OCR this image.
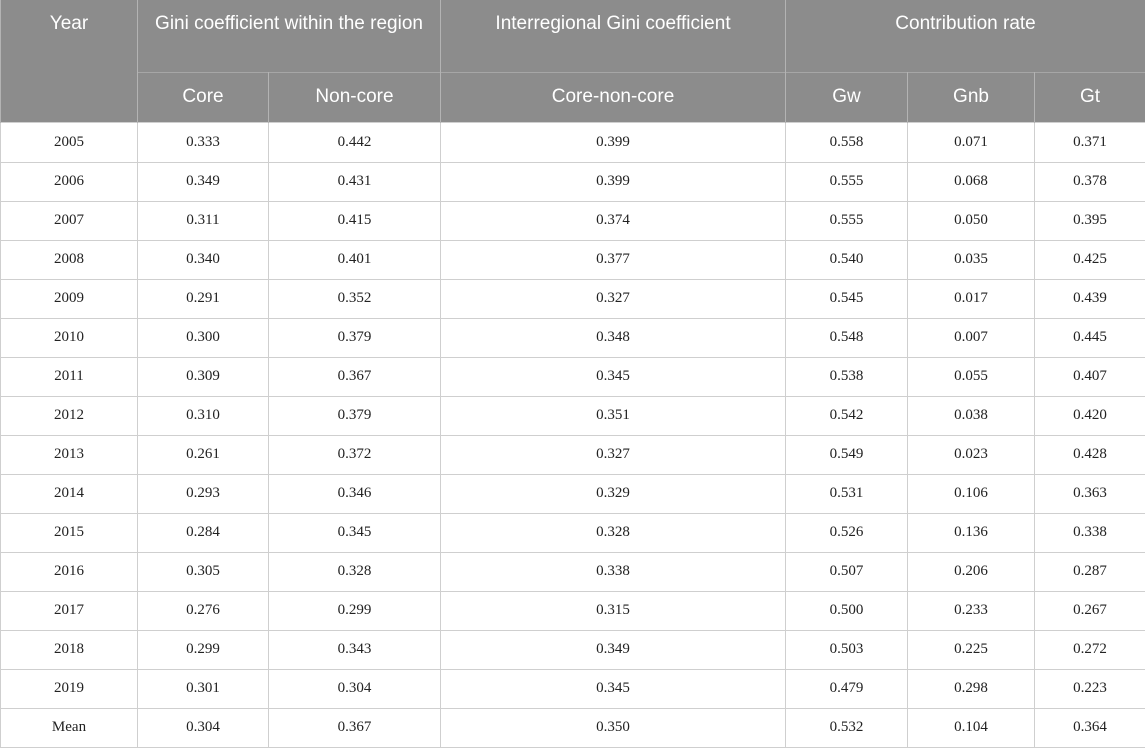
Year	Gini coefficient within the region		Interregional Gini coefficient	Contribution rate		
	Core	Non-core	Core-non-core	Gw	Gnb	Gt
2005	0.333	0.442	0.399	0.558	0.071	0.371
2006	0.349	0.431	0.399	0.555	0.068	0.378
2007	0.311	0.415	0.374	0.555	0.050	0.395
2008	0.340	0.401	0.377	0.540	0.035	0.425
2009	0.291	0.352	0.327	0.545	0.017	0.439
2010	0.300	0.379	0.348	0.548	0.007	0.445
2011	0.309	0.367	0.345	0.538	0.055	0.407
2012	0.310	0.379	0.351	0.542	0.038	0.420
2013	0.261	0.372	0.327	0.549	0.023	0.428
2014	0.293	0.346	0.329	0.531	0.106	0.363
2015	0.284	0.345	0.328	0.526	0.136	0.338
2016	0.305	0.328	0.338	0.507	0.206	0.287
2017	0.276	0.299	0.315	0.500	0.233	0.267
2018	0.299	0.343	0.349	0.503	0.225	0.272
2019	0.301	0.304	0.345	0.479	0.298	0.223
Mean	0.304	0.367	0.350	0.532	0.104	0.364
